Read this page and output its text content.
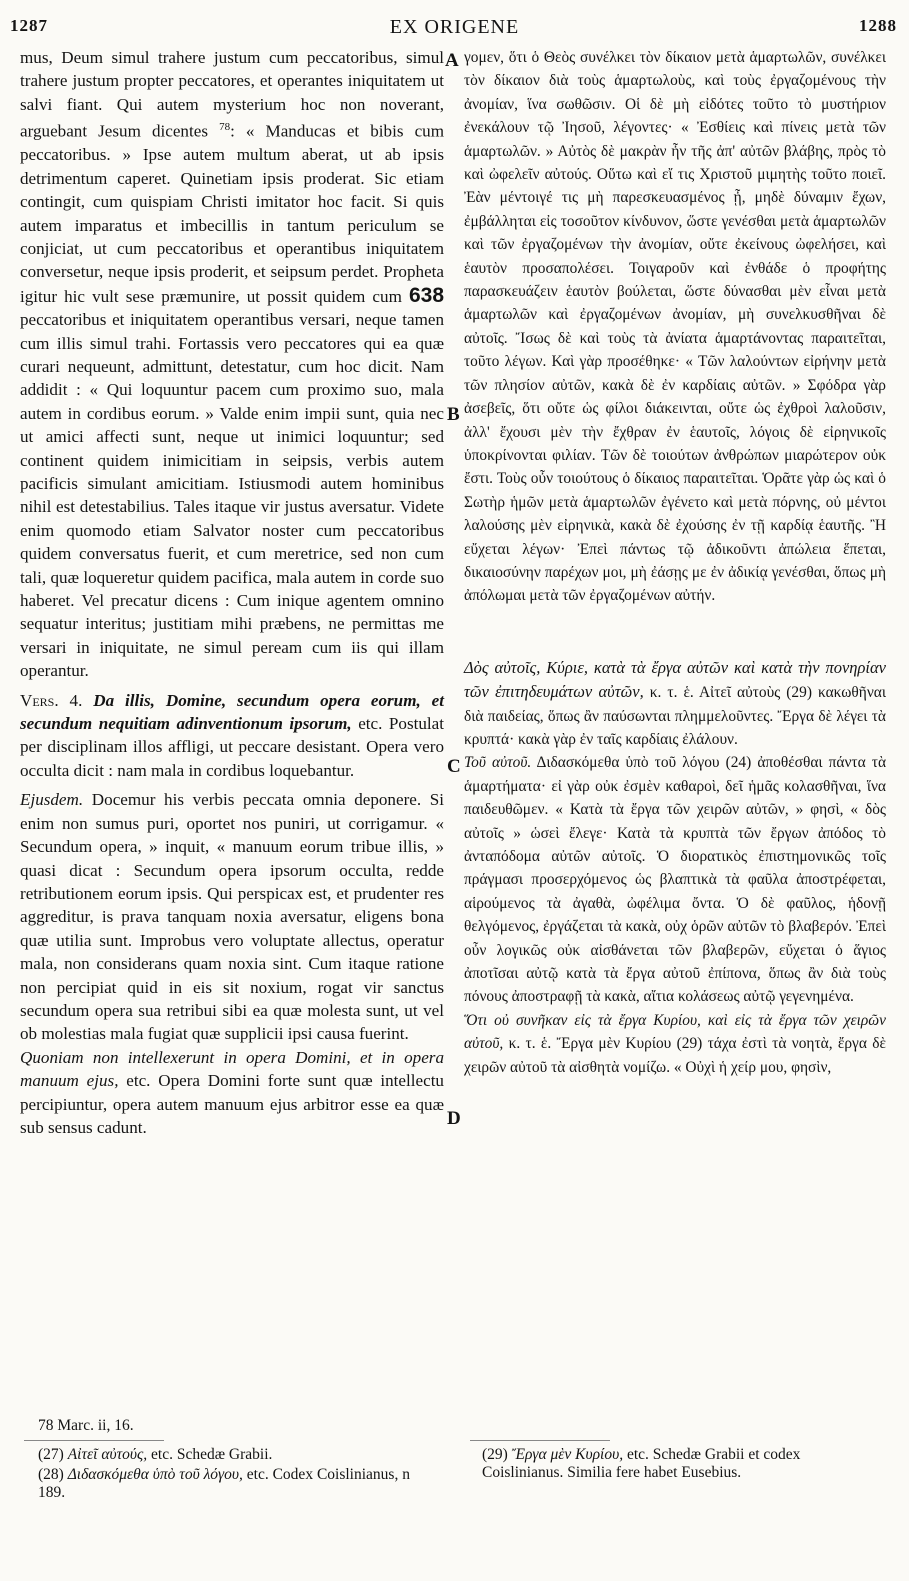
1287	EX ORIGENE	1288
A
B
C
D

mus, Deum simul trahere justum cum peccatoribus, simul trahere justum propter peccatores, et operantes iniquitatem ut salvi fiant. Qui autem mysterium hoc non noverant, arguebant Jesum dicentes $^{78}$: « Manducas et bibis cum peccatoribus. » Ipse autem multum aberat, ut ab ipsis detrimentum caperet. Quinetiam ipsis proderat. Sic etiam contingit, cum quispiam Christi imitator hoc facit. Si quis autem imparatus et imbecillis in tantum periculum se conjiciat, ut cum peccatoribus et operantibus iniquitatem conversetur, neque ipsis proderit, et seipsum perdet. Propheta igitur hic vult sese præmunire, ut possit quidem cum 638 peccatoribus et iniquitatem operantibus versari, neque tamen cum illis simul trahi. Fortassis vero peccatores qui ea quæ curari nequeunt, admittunt, detestatur, cum hoc dicit. Nam addidit : « Qui loquuntur pacem cum proximo suo, mala autem in cordibus eorum. » Valde enim impii sunt, quia nec ut amici affecti sunt, neque ut inimici loquuntur; sed continent quidem inimicitiam in seipsis, verbis autem pacificis simulant amicitiam. Istiusmodi autem hominibus nihil est detestabilius. Tales itaque vir justus aversatur. Videte enim quomodo etiam Salvator noster cum peccatoribus quidem conversatus fuerit, et cum meretrice, sed non cum tali, quæ loqueretur quidem pacifica, mala autem in corde suo haberet. Vel precatur dicens : Cum inique agentem omnino sequatur interitus; justitiam mihi præbens, ne permittas me versari in iniquitate, ne simul peream cum iis qui illam operantur.

Vers. 4. Da illis, Domine, secundum opera eorum, et secundum nequitiam adinventionum ipsorum, etc. Postulat per disciplinam illos affligi, ut peccare desistant. Opera vero occulta dicit : nam mala in cordibus loquebantur.

Ejusdem. Docemur his verbis peccata omnia deponere. Si enim non sumus puri, oportet nos puniri, ut corrigamur. « Secundum opera, » inquit, « manuum eorum tribue illis, » quasi dicat : Secundum opera ipsorum occulta, redde retributionem eorum ipsis. Qui perspicax est, et prudenter res aggreditur, is prava tanquam noxia aversatur, eligens bona quæ utilia sunt. Improbus vero voluptate allectus, operatur mala, non considerans quam noxia sint. Cum itaque ratione non percipiat quid in eis sit noxium, rogat vir sanctus secundum opera sua retribui sibi ea quæ molesta sunt, ut vel ob molestias mala fugiat quæ supplicii ipsi causa fuerint.

Quoniam non intellexerunt in opera Domini, et in opera manuum ejus, etc. Opera Domini forte sunt quæ intellectu percipiuntur, opera autem manuum ejus arbitror esse ea quæ sub sensus cadunt.

γομεν, ὅτι ὁ Θεὸς συνέλκει τὸν δίκαιον μετὰ ἁμαρτωλῶν, συνέλκει τὸν δίκαιον διὰ τοὺς ἁμαρτωλοὺς, καὶ τοὺς ἐργαζομένους τὴν ἀνομίαν, ἵνα σωθῶσιν. Οἱ δὲ μὴ εἰδότες τοῦτο τὸ μυστήριον ἐνεκάλουν τῷ Ἰησοῦ, λέγοντες· « Ἐσθίεις καὶ πίνεις μετὰ τῶν ἁμαρτωλῶν. » Αὐτὸς δὲ μακρὰν ἦν τῆς ἀπ' αὐτῶν βλάβης, πρὸς τὸ καὶ ὠφελεῖν αὐτούς. Οὕτω καὶ εἴ τις Χριστοῦ μιμητὴς τοῦτο ποιεῖ. Ἐὰν μέντοιγέ τις μὴ παρεσκευασμένος ᾖ, μηδὲ δύναμιν ἔχων, ἐμβάλληται εἰς τοσοῦτον κίνδυνον, ὥστε γενέσθαι μετὰ ἁμαρτωλῶν καὶ τῶν ἐργαζομένων τὴν ἀνομίαν, οὔτε ἐκείνους ὠφελήσει, καὶ ἑαυτὸν προσαπολέσει. Τοιγαροῦν καὶ ἐνθάδε ὁ προφήτης παρασκευάζειν ἑαυτὸν βούλεται, ὥστε δύνασθαι μὲν εἶναι μετὰ ἁμαρτωλῶν καὶ ἐργαζομένων ἀνομίαν, μὴ συνελκυσθῆναι δὲ αὐτοῖς. Ἴσως δὲ καὶ τοὺς τὰ ἀνίατα ἁμαρτάνοντας παραιτεῖται, τοῦτο λέγων. Καὶ γὰρ προσέθηκε· « Τῶν λαλούντων εἰρήνην μετὰ τῶν πλησίον αὐτῶν, κακὰ δὲ ἐν καρδίαις αὐτῶν. » Σφόδρα γὰρ ἀσεβεῖς, ὅτι οὔτε ὡς φίλοι διάκεινται, οὔτε ὡς ἐχθροὶ λαλοῦσιν, ἀλλ' ἔχουσι μὲν τὴν ἔχθραν ἐν ἑαυτοῖς, λόγοις δὲ εἰρηνικοῖς ὑποκρίνονται φιλίαν. Τῶν δὲ τοιούτων ἀνθρώπων μιαρώτερον οὐκ ἔστι. Τοὺς οὖν τοιούτους ὁ δίκαιος παραιτεῖται. Ὁρᾶτε γὰρ ὡς καὶ ὁ Σωτὴρ ἡμῶν μετὰ ἁμαρτωλῶν ἐγένετο καὶ μετὰ πόρνης, οὐ μέντοι λαλούσης μὲν εἰρηνικὰ, κακὰ δὲ ἐχούσης ἐν τῇ καρδίᾳ ἑαυτῆς. Ἢ εὔχεται λέγων· Ἐπεὶ πάντως τῷ ἀδικοῦντι ἀπώλεια ἕπεται, δικαιοσύνην παρέχων μοι, μὴ ἐάσῃς με ἐν ἀδικίᾳ γενέσθαι, ὅπως μὴ ἀπόλωμαι μετὰ τῶν ἐργαζομένων αὐτήν.

Δὸς αὐτοῖς, Κύριε, κατὰ τὰ ἔργα αὐτῶν καὶ κατὰ τὴν πονηρίαν τῶν ἐπιτηδευμάτων αὐτῶν, κ. τ. ἑ. Αἰτεῖ αὐτοὺς (29) κακωθῆναι διὰ παιδείας, ὅπως ἂν παύσωνται πλημμελοῦντες. Ἔργα δὲ λέγει τὰ κρυπτά· κακὰ γὰρ ἐν ταῖς καρδίαις ἐλάλουν.

Τοῦ αὐτοῦ. Διδασκόμεθα ὑπὸ τοῦ λόγου (24) ἀποθέσθαι πάντα τὰ ἁμαρτήματα· εἰ γὰρ οὐκ ἐσμὲν καθαροὶ, δεῖ ἡμᾶς κολασθῆναι, ἵνα παιδευθῶμεν. « Κατὰ τὰ ἔργα τῶν χειρῶν αὐτῶν, » φησὶ, « δὸς αὐτοῖς » ὡσεὶ ἔλεγε· Κατὰ τὰ κρυπτὰ τῶν ἔργων ἀπόδος τὸ ἀνταπόδομα αὐτῶν αὐτοῖς. Ὁ διορατικὸς ἐπιστημονικῶς τοῖς πράγμασι προσερχόμενος ὡς βλαπτικὰ τὰ φαῦλα ἀποστρέφεται, αἱρούμενος τὰ ἀγαθὰ, ὠφέλιμα ὄντα. Ὁ δὲ φαῦλος, ἡδονῇ θελγόμενος, ἐργάζεται τὰ κακὰ, οὐχ ὁρῶν αὐτῶν τὸ βλαβερόν. Ἐπεὶ οὖν λογικῶς οὐκ αἰσθάνεται τῶν βλαβερῶν, εὔχεται ὁ ἅγιος ἀποτῖσαι αὐτῷ κατὰ τὰ ἔργα αὐτοῦ ἐπίπονα, ὅπως ἂν διὰ τοὺς πόνους ἀποστραφῇ τὰ κακὰ, αἴτια κολάσεως αὐτῷ γεγενημένα.

Ὅτι οὐ συνῆκαν εἰς τὰ ἔργα Κυρίου, καὶ εἰς τὰ ἔργα τῶν χειρῶν αὐτοῦ, κ. τ. ἑ. Ἔργα μὲν Κυρίου (29) τάχα ἐστὶ τὰ νοητὰ, ἔργα δὲ χειρῶν αὐτοῦ τὰ αἰσθητὰ νομίζω. « Οὐχὶ ἡ χείρ μου, φησὶν,

78 Marc. ii, 16.
(27) Αἰτεῖ αὐτούς, etc. Schedæ Grabii.
(28) Διδασκόμεθα ὑπὸ τοῦ λόγου, etc. Codex Coislinianus, n 189.
(29) Ἔργα μὲν Κυρίου, etc. Schedæ Grabii et codex Coislinianus. Similia fere habet Eusebius.
